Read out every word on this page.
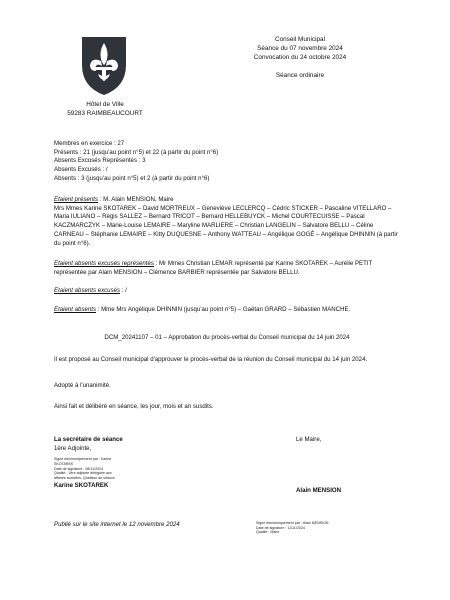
Hôtel de Ville
59283 RAIMBEAUCOURT
Conseil Municipal
Séance du 07 novembre 2024
Convocation du 24 octobre 2024
Séance ordinaire
Membres en exercice : 27
Présents : 21 (jusqu'au point n°5) et 22 (à partir du point n°6)
Absents Excusés Représentés : 3
Absents Excusés : /
Absents : 3 (jusqu'au point n°5) et 2 (à partir du point n°6)
Etaient présents : M. Alain MENSION, Maire
Mrs Mmes Karine SKOTAREK – David MORTREUX – Geneviève LECLERCQ – Cédric STICKER – Pascaline VITELLARO – Maria IULIANO – Régis SALLEZ – Bernard TRICOT – Bernard HELLEBUYCK – Michel COURTECUISSE – Pascal KACZMARCZYK – Marie-Louise LEMAIRE – Maryline MARLIERE – Christian LANGELIN – Salvatore BELLU – Céline CARNEAU – Stéphanie LEMAIRE – Kitty DUQUESNE – Anthony WATTEAU – Angélique GOGÉ – Angélique DHINNIN (à partir du point n°6).
Etaient absents excusés représentés : Mr Mmes Christian LEMAR représenté par Karine SKOTAREK – Aurélie PETIT représentée par Alain MENSION – Clémence BARBIER représentée par Salvatore BELLU.
Etaient absents excusés : /
Etaient absents : Mme Mrs Angélique DHINNIN (jusqu'au point n°5) – Gaëtan GRARD – Sébastien MANCHE.
DCM_20241107 – 01 – Approbation du procès-verbal du Conseil municipal du 14 juin 2024
Il est proposé au Conseil municipal d'approuver le procès-verbal de la réunion du Conseil municipal du 14 juin 2024.
Adopté à l'unanimité.
Ainsi fait et délibéré en séance, les jour, mois et an susdits.
La secrétaire de séance
1ère Adjointe,
Signé électroniquement par : Karine
SKOTAREK
Date de signature : 08/11/2024
Qualité : 1ère adjointe déléguée aux
affaires scolaires, Question de séance
Karine SKOTAREK
Le Maire,
Alain MENSION
Publié sur le site internet le 12 novembre 2024	Signé électroniquement par : Alain MENSION
Date de signature : 11/11/2024
Qualité : Maire
